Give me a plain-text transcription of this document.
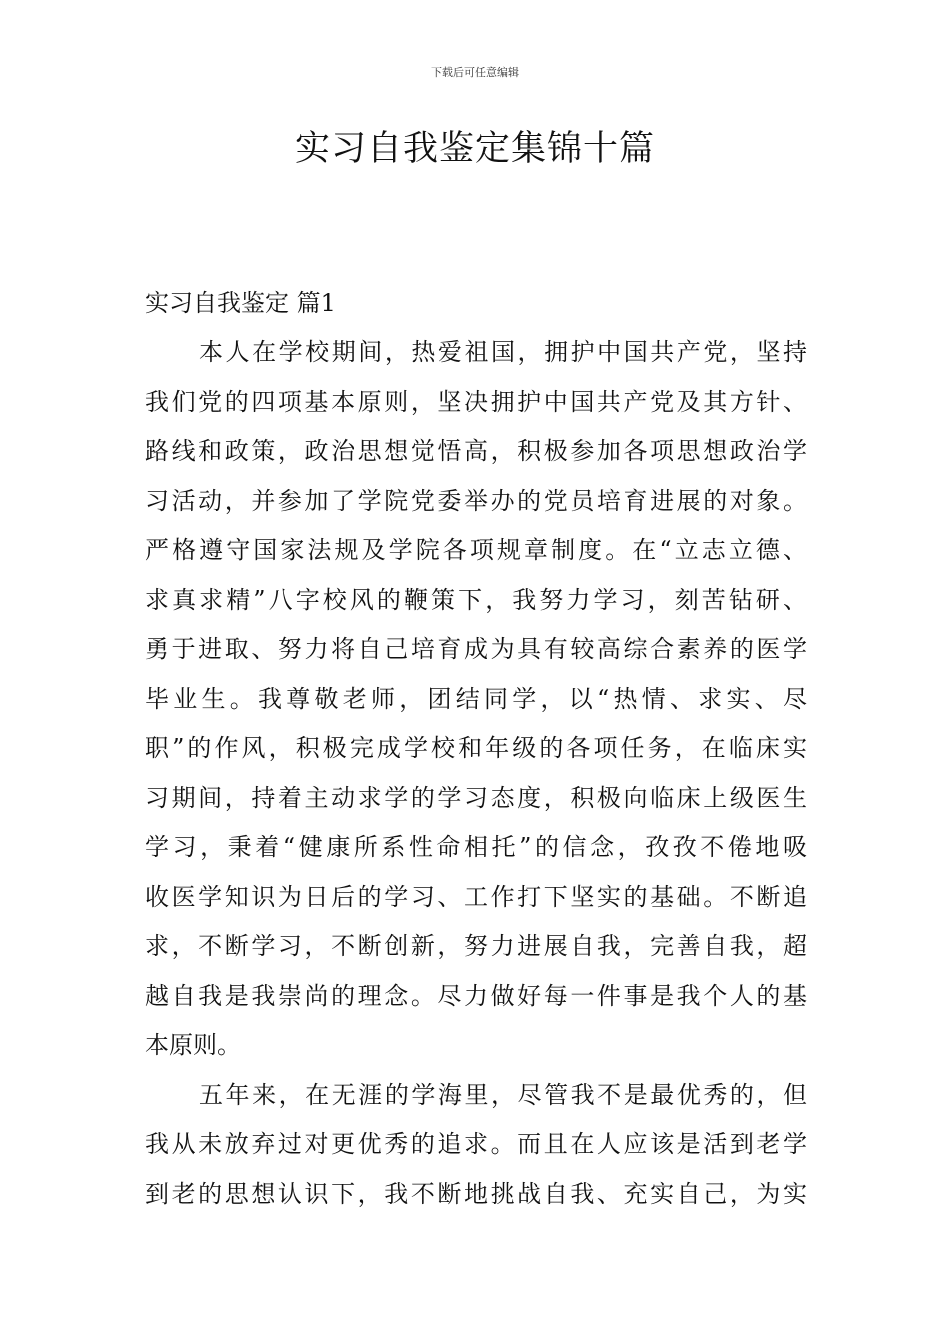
下载后可任意编辑
实习自我鉴定集锦十篇
实习自我鉴定 篇1
本人在学校期间，热爱祖国，拥护中国共产党，坚持
我们党的四项基本原则，坚决拥护中国共产党及其方针、
路线和政策，政治思想觉悟高，积极参加各项思想政治学
习活动，并参加了学院党委举办的党员培育进展的对象。
严格遵守国家法规及学院各项规章制度。在“立志立德、
求真求精”八字校风的鞭策下，我努力学习，刻苦钻研、
勇于进取、努力将自己培育成为具有较高综合素养的医学
毕业生。我尊敬老师，团结同学，以“热情、求实、尽
职”的作风，积极完成学校和年级的各项任务，在临床实
习期间，持着主动求学的学习态度，积极向临床上级医生
学习，秉着“健康所系性命相托”的信念，孜孜不倦地吸
收医学知识为日后的学习、工作打下坚实的基础。不断追
求，不断学习，不断创新，努力进展自我，完善自我，超
越自我是我崇尚的理念。尽力做好每一件事是我个人的基
本原则。
五年来，在无涯的学海里，尽管我不是最优秀的，但
我从未放弃过对更优秀的追求。而且在人应该是活到老学
到老的思想认识下，我不断地挑战自我、充实自己，为实
